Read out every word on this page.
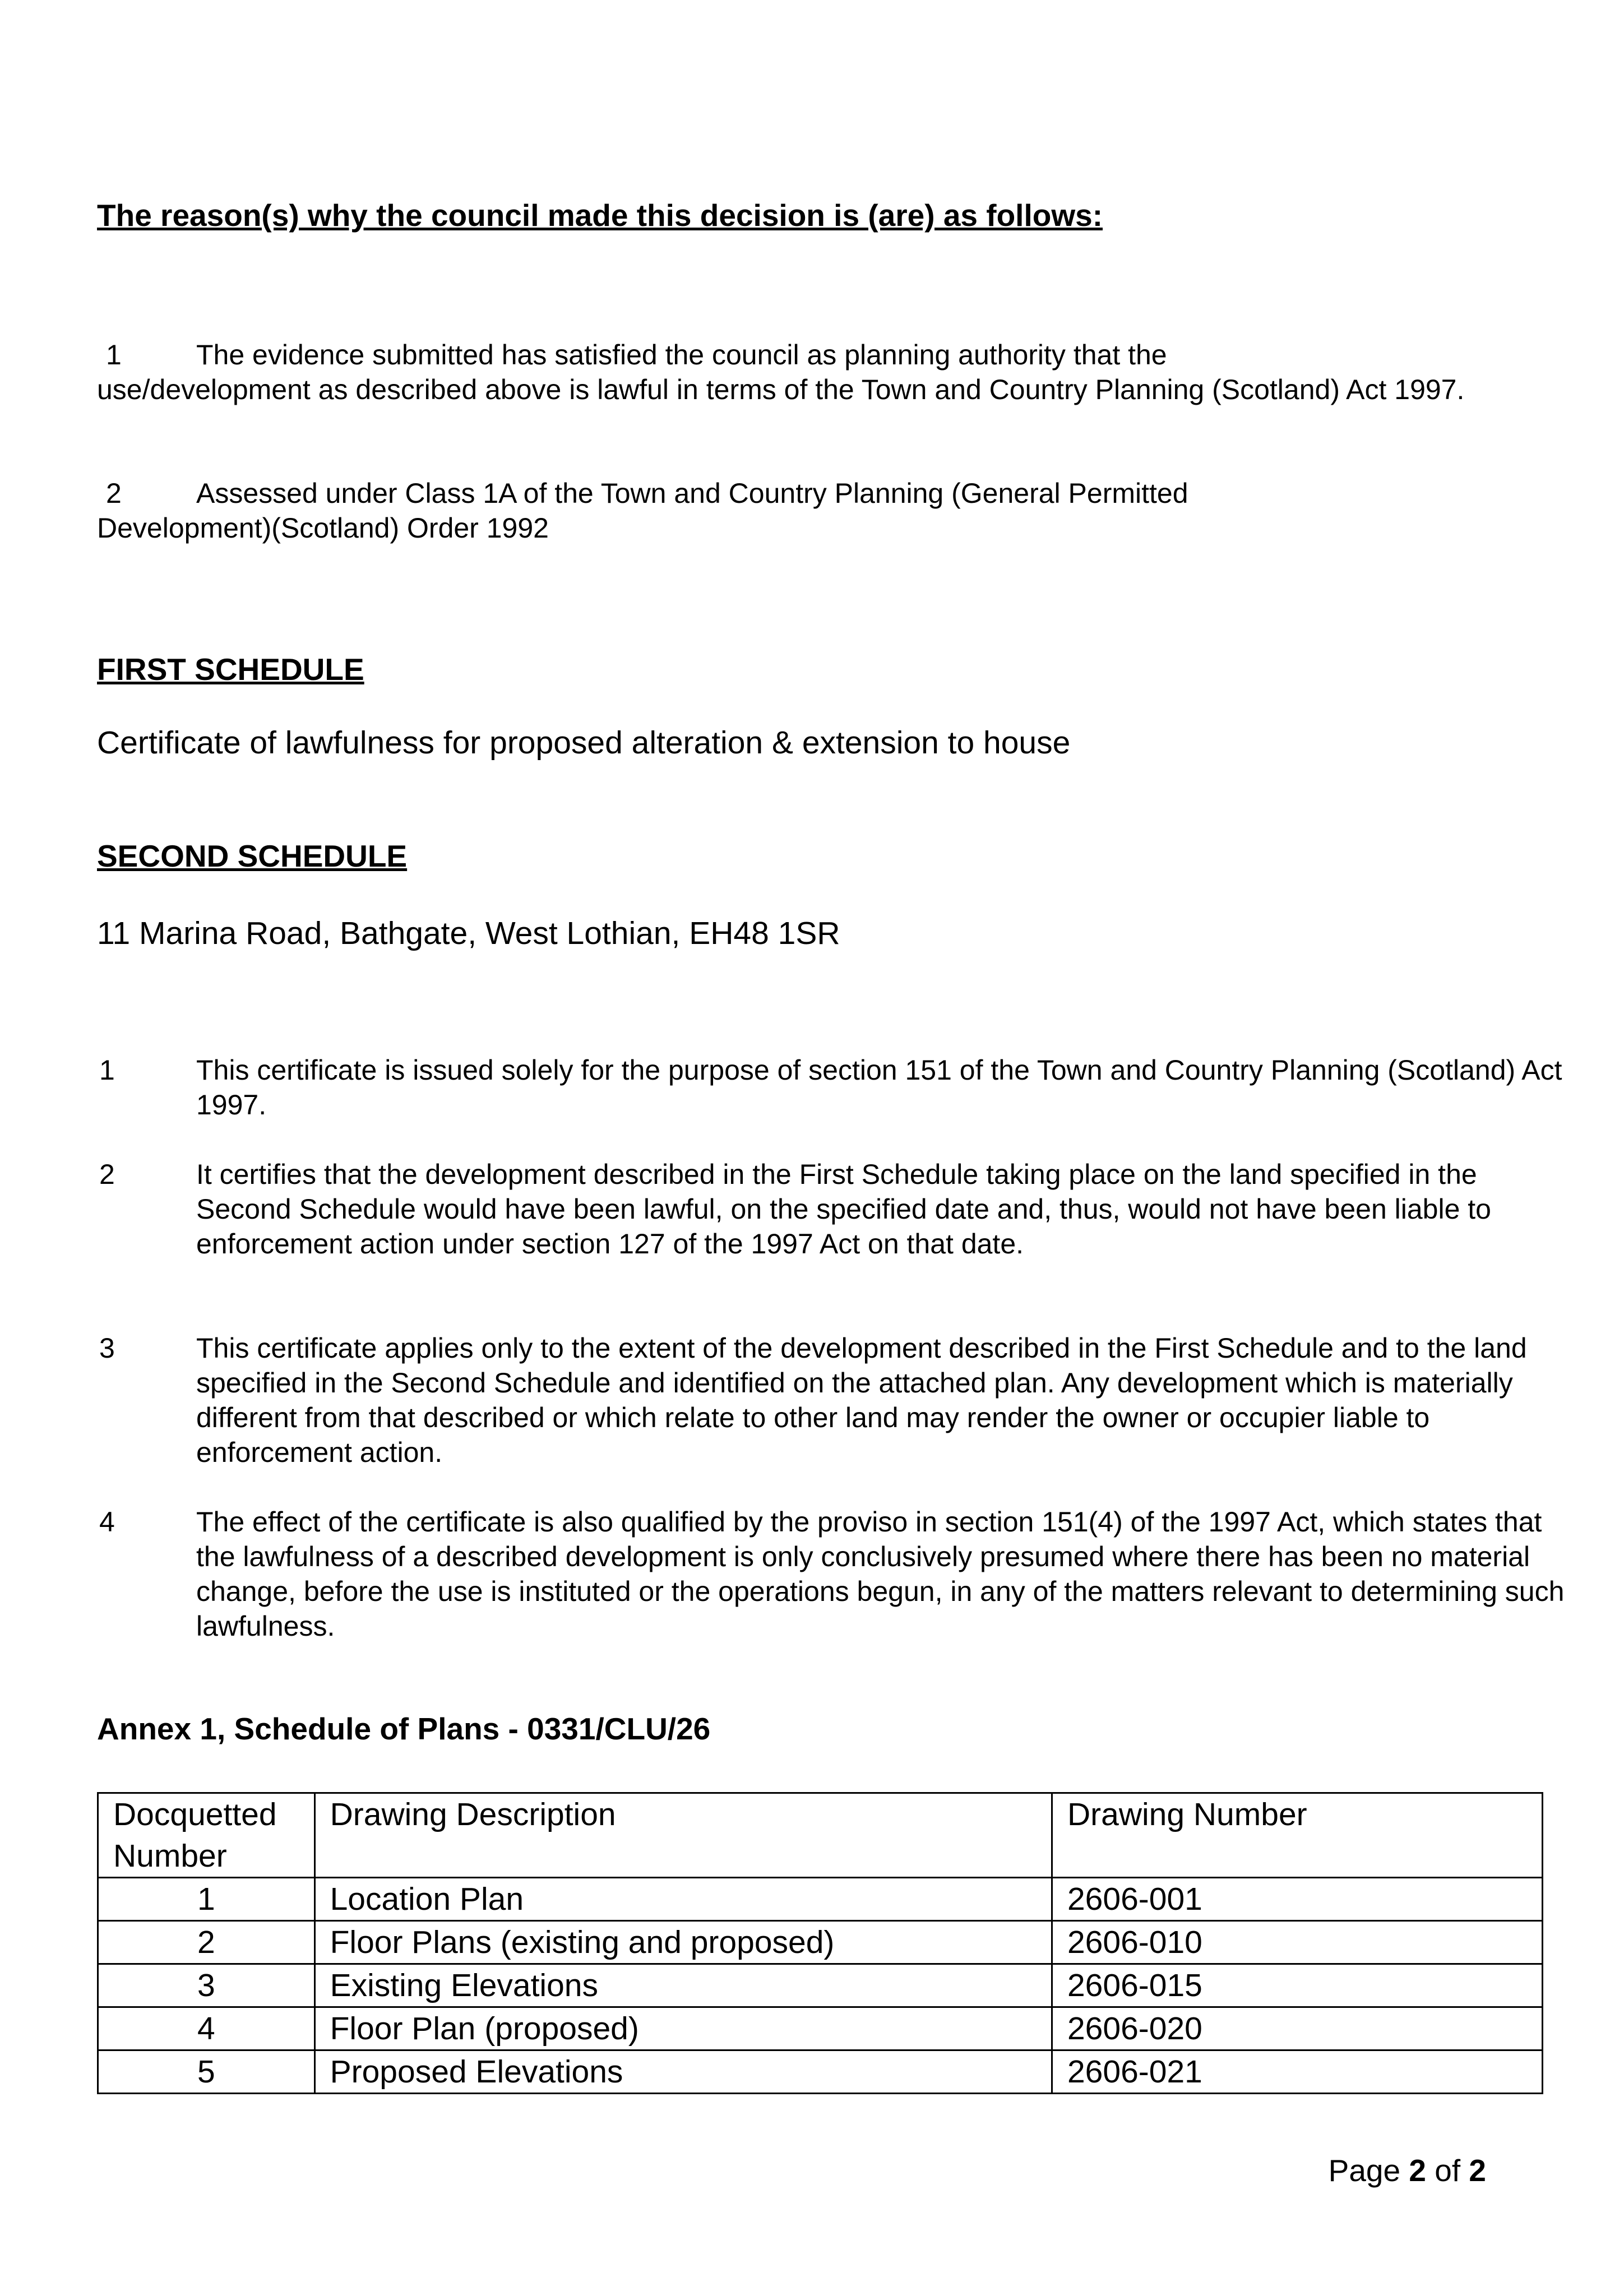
The reason(s) why the council made this decision is (are) as follows:
1	The evidence submitted has satisfied the council as planning authority that the
use/development as described above is lawful in terms of the Town and Country Planning (Scotland) Act 1997.
2	Assessed under Class 1A of the Town and Country Planning (General Permitted
Development)(Scotland) Order 1992
FIRST SCHEDULE
Certificate of lawfulness for proposed alteration & extension to house
SECOND SCHEDULE
11 Marina Road, Bathgate, West Lothian, EH48 1SR
1	This certificate is issued solely for the purpose of section 151 of the Town and Country Planning (Scotland) Act 1997.
2	It certifies that the development described in the First Schedule taking place on the land specified in the Second Schedule would have been lawful, on the specified date and, thus, would not have been liable to enforcement action under section 127 of the 1997 Act on that date.
3	This certificate applies only to the extent of the development described in the First Schedule and to the land specified in the Second Schedule and identified on the attached plan. Any development which is materially different from that described or which relate to other land may render the owner or occupier liable to enforcement action.
4	The effect of the certificate is also qualified by the proviso in section 151(4) of the 1997 Act, which states that the lawfulness of a described development is only conclusively presumed where there has been no material change, before the use is instituted or the operations begun, in any of the matters relevant to determining such lawfulness.
Annex 1, Schedule of Plans - 0331/CLU/26
Docquetted Number	Drawing Description	Drawing Number
1	Location Plan	2606-001
2	Floor Plans (existing and proposed)	2606-010
3	Existing Elevations	2606-015
4	Floor Plan (proposed)	2606-020
5	Proposed Elevations	2606-021
Page 2 of 2
